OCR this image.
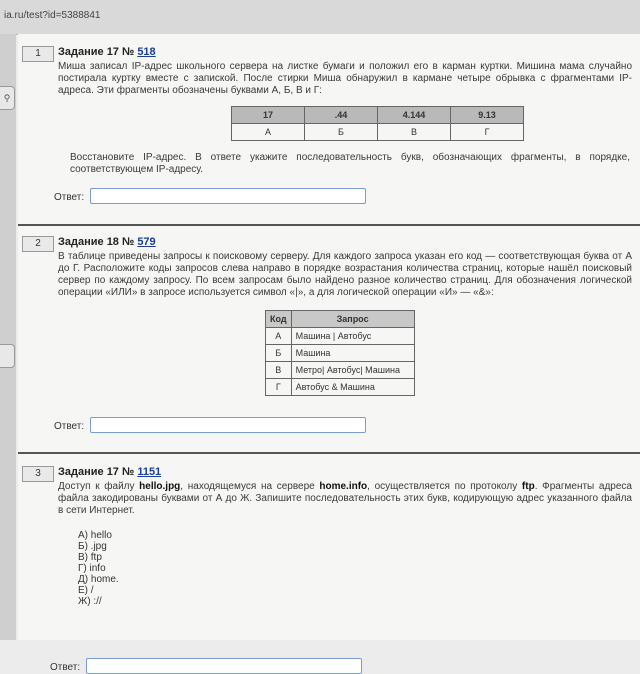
ia.ru/test?id=5388841
⚲
1	Задание 17 № 518
Миша записал IP-адрес школьного сервера на листке бумаги и положил его в карман куртки. Мишина мама случайно постирала куртку вместе с запиской. После стирки Миша обнаружил в кармане четыре обрывка с фрагментами IP-адреса. Эти фрагменты обозначены буквами А, Б, В и Г:
17	.44	4.144	9.13
А	Б	В	Г
Восстановите IP-адрес. В ответе укажите последовательность букв, обозначающих фрагменты, в порядке, соответствующем IP-адресу.
Ответ:
2	Задание 18 № 579
В таблице приведены запросы к поисковому серверу. Для каждого запроса указан его код — соответствующая буква от А до Г. Расположите коды запросов слева направо в порядке возрастания количества страниц, которые нашёл поисковый сервер по каждому запросу. По всем запросам было найдено разное количество страниц. Для обозначения логической операции «ИЛИ» в запросе используется символ «|», а для логической операции «И» — «&»:
Код	Запрос
А	Машина | Автобус
Б	Машина
В	Метро| Автобус| Машина
Г	Автобус & Машина
Ответ:
3	Задание 17 № 1151
Доступ к файлу hello.jpg, находящемуся на сервере home.info, осуществляется по протоколу ftp. Фрагменты адреса файла закодированы буквами от А до Ж. Запишите последовательность этих букв, кодирующую адрес указанного файла в сети Интернет.
А) hello
Б) .jpg
В) ftp
Г) info
Д) home.
Е) /
Ж) ://
Ответ:
